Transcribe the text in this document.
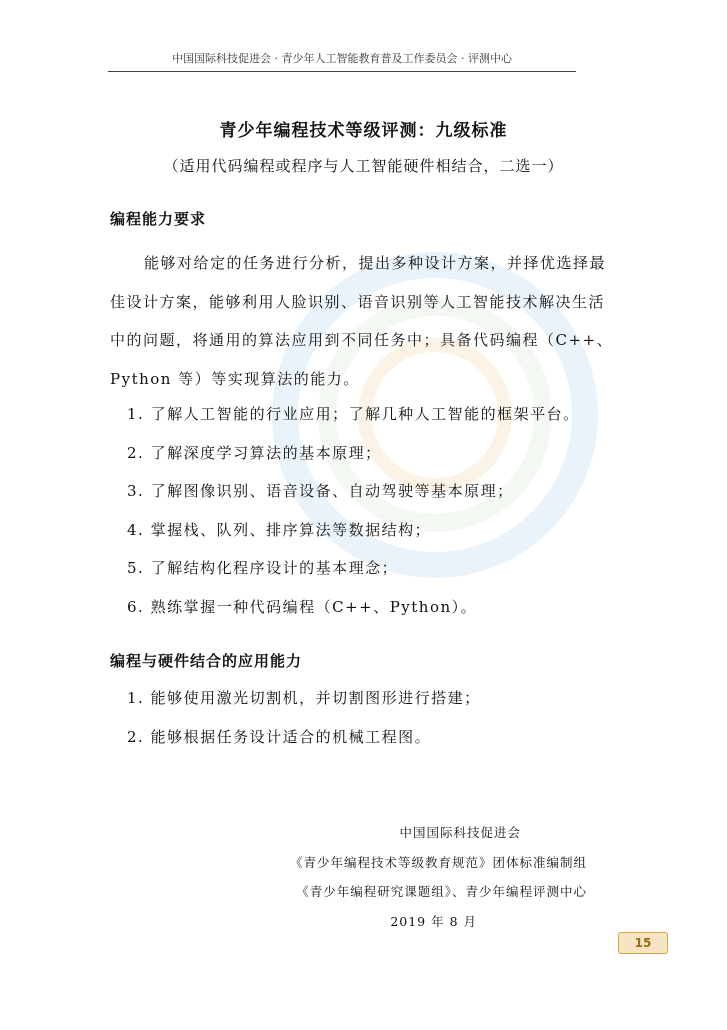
中国国际科技促进会 · 青少年人工智能教育普及工作委员会 · 评测中心
青少年编程技术等级评测：九级标准
（适用代码编程或程序与人工智能硬件相结合，二选一）
编程能力要求
能够对给定的任务进行分析，提出多种设计方案，并择优选择最佳设计方案，能够利用人脸识别、语音识别等人工智能技术解决生活中的问题，将通用的算法应用到不同任务中；具备代码编程（C++、Python 等）等实现算法的能力。
1. 了解人工智能的行业应用；了解几种人工智能的框架平台。
2. 了解深度学习算法的基本原理；
3. 了解图像识别、语音设备、自动驾驶等基本原理；
4. 掌握栈、队列、排序算法等数据结构；
5. 了解结构化程序设计的基本理念；
6. 熟练掌握一种代码编程（C++、Python）。
编程与硬件结合的应用能力
1. 能够使用激光切割机，并切割图形进行搭建；
2. 能够根据任务设计适合的机械工程图。
中国国际科技促进会
《青少年编程技术等级教育规范》团体标准编制组
《青少年编程研究课题组》、青少年编程评测中心
2019 年 8 月
15
